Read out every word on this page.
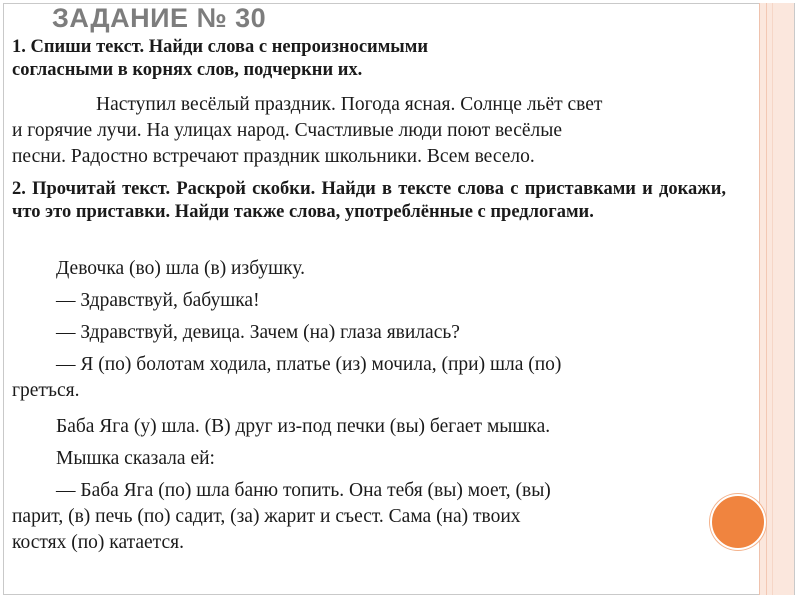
ЗАДАНИЕ № 30
1. Спиши текст. Найди слова с непроизносимыми согласными в корнях слов, подчеркни их.
Наступил весёлый праздник. Погода ясная. Солнце льёт свет
и горячие лучи. На улицах народ. Счастливые люди поют весёлые
песни. Радостно встречают праздник школьники. Всем весело.
2. Прочитай текст. Раскрой скобки. Найди в тексте слова с приставками и докажи, что это приставки. Найди также слова, употреблённые с предлогами.
Девочка (во) шла (в) избушку.
— Здравствуй, бабушка!
— Здравствуй, девица. Зачем (на) глаза явилась?
— Я (по) болотам ходила, платье (из) мочила, (при) шла (по)
гретъся.
Баба Яга (у) шла. (В) друг из-под печки (вы) бегает мышка.
Мышка сказала ей:
— Баба Яга (по) шла баню топить. Она тебя (вы) моет, (вы)
парит, (в) печь (по) садит, (за) жарит и съест. Сама (на) твоих
костях (по) катается.
